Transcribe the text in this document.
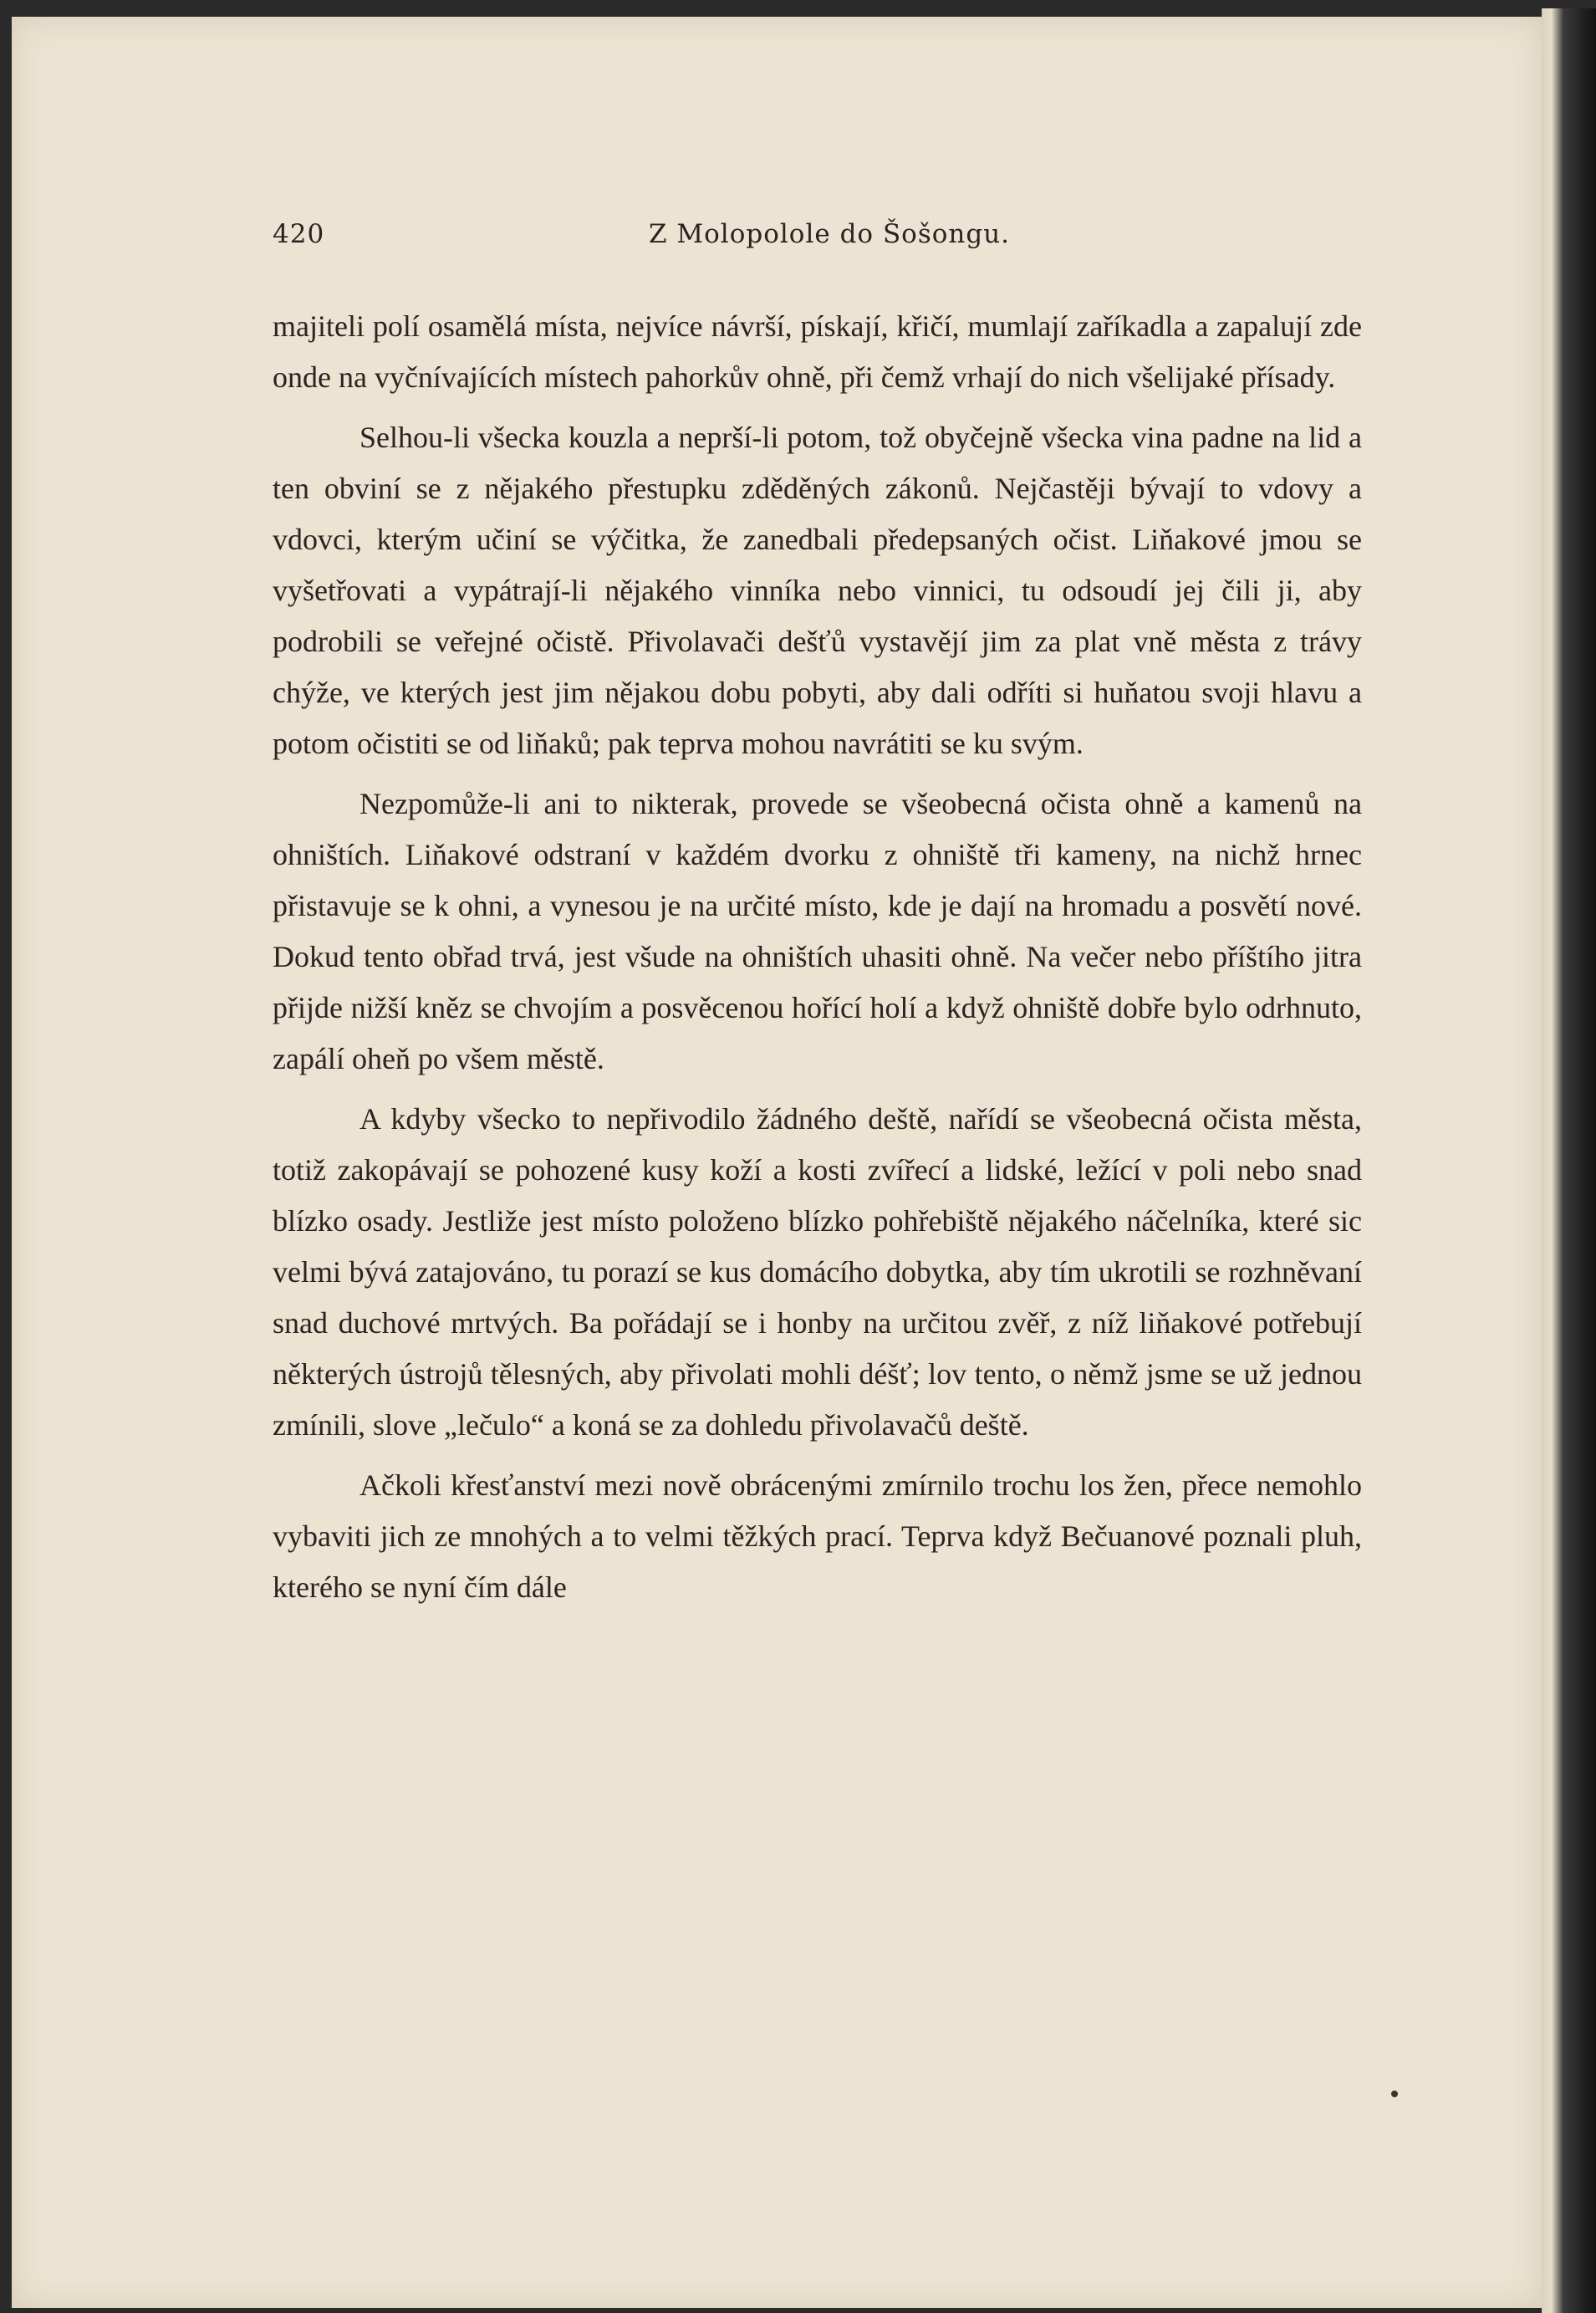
420	Z Molopolole do Šošongu.

majiteli polí osamělá místa, nejvíce návrší, pískají, křičí, mumlají zaříkadla a zapalují zde onde na vyčnívajících místech pahorkův ohně, při čemž vrhají do nich všelijaké přísady.

Selhou-li všecka kouzla a neprší-li potom, tož obyčejně všecka vina padne na lid a ten obviní se z nějakého přestupku zděděných zákonů. Nejčastěji bývají to vdovy a vdovci, kterým učiní se výčitka, že zanedbali předepsaných očist. Liňakové jmou se vyšetřovati a vypátrají-li nějakého vinníka nebo vinnici, tu odsoudí jej čili ji, aby podrobili se veřejné očistě. Přivolavači dešťů vystavějí jim za plat vně města z trávy chýže, ve kterých jest jim nějakou dobu pobyti, aby dali odříti si huňatou svoji hlavu a potom očistiti se od liňaků; pak teprva mohou navrátiti se ku svým.

Nezpomůže-li ani to nikterak, provede se všeobecná očista ohně a kamenů na ohništích. Liňakové odstraní v každém dvorku z ohniště tři kameny, na nichž hrnec přistavuje se k ohni, a vynesou je na určité místo, kde je dají na hromadu a posvětí nové. Dokud tento obřad trvá, jest všude na ohništích uhasiti ohně. Na večer nebo příštího jitra přijde nižší kněz se chvojím a posvěcenou hořící holí a když ohniště dobře bylo odrhnuto, zapálí oheň po všem městě.

A kdyby všecko to nepřivodilo žádného deště, nařídí se všeobecná očista města, totiž zakopávají se pohozené kusy koží a kosti zvířecí a lidské, ležící v poli nebo snad blízko osady. Jestliže jest místo položeno blízko pohřebiště nějakého náčelníka, které sic velmi bývá zatajováno, tu porazí se kus domácího dobytka, aby tím ukrotili se rozhněvaní snad duchové mrtvých. Ba pořádají se i honby na určitou zvěř, z níž liňakové potřebují některých ústrojů tělesných, aby přivolati mohli déšť; lov tento, o němž jsme se už jednou zmínili, slove „lečulo“ a koná se za dohledu přivolavačů deště.

Ačkoli křesťanství mezi nově obrácenými zmírnilo trochu los žen, přece nemohlo vybaviti jich ze mnohých a to velmi těžkých prací. Teprva když Bečuanové poznali pluh, kterého se nyní čím dále
